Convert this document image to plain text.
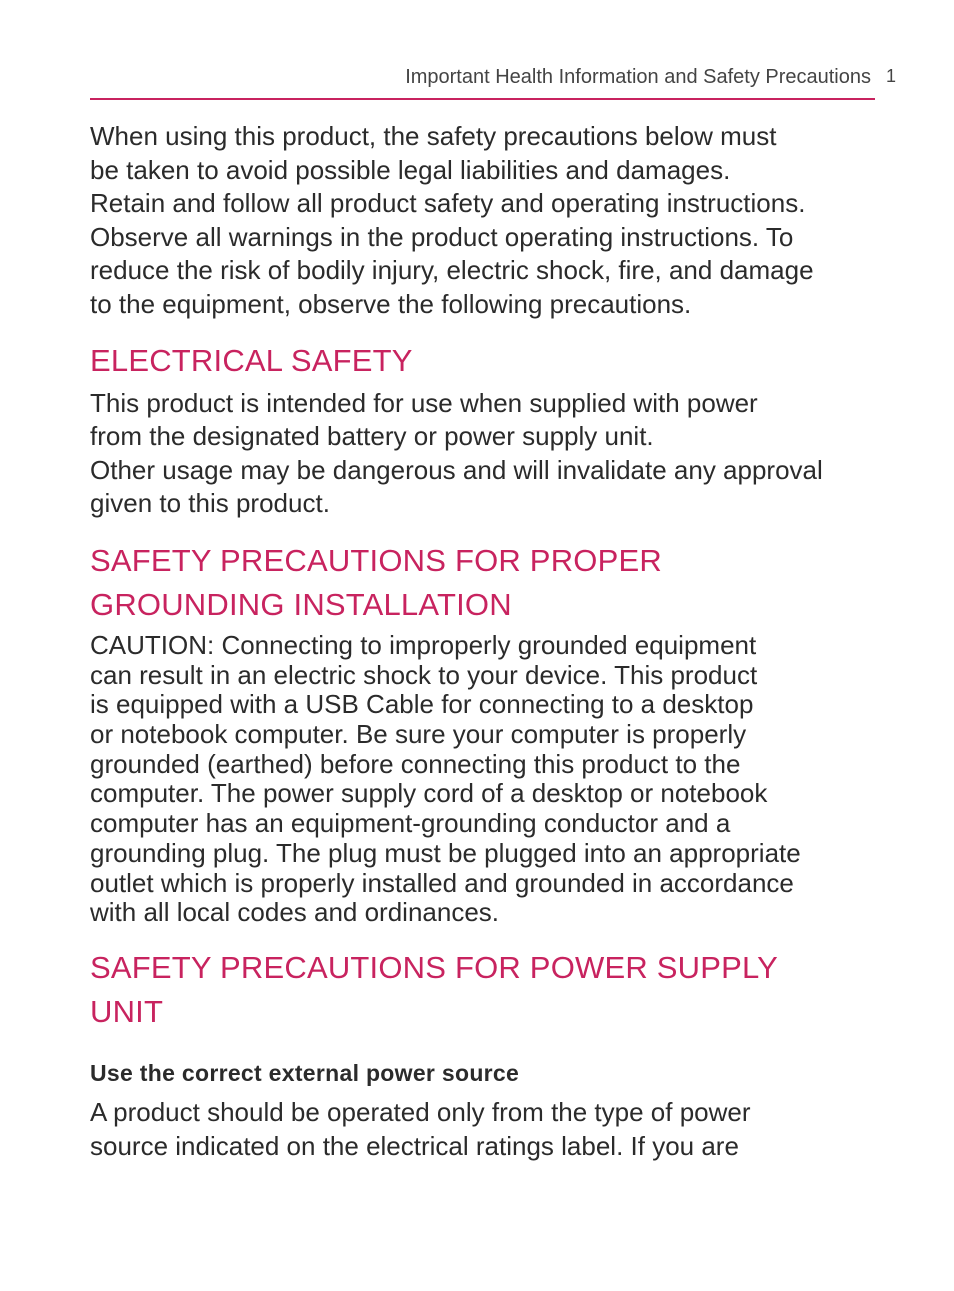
Important Health Information and Safety Precautions 1

When using this product, the safety precautions below must
be taken to avoid possible legal liabilities and damages.
Retain and follow all product safety and operating instructions.
Observe all warnings in the product operating instructions. To
reduce the risk of bodily injury, electric shock, fire, and damage
to the equipment, observe the following precautions.

ELECTRICAL SAFETY

This product is intended for use when supplied with power
from the designated battery or power supply unit.
Other usage may be dangerous and will invalidate any approval
given to this product.

SAFETY PRECAUTIONS FOR PROPER
GROUNDING INSTALLATION

CAUTION: Connecting to improperly grounded equipment
can result in an electric shock to your device. This product
is equipped with a USB Cable for connecting to a desktop
or notebook computer. Be sure your computer is properly
grounded (earthed) before connecting this product to the
computer. The power supply cord of a desktop or notebook
computer has an equipment-grounding conductor and a
grounding plug. The plug must be plugged into an appropriate
outlet which is properly installed and grounded in accordance
with all local codes and ordinances.

SAFETY PRECAUTIONS FOR POWER SUPPLY
UNIT
Use the correct external power source

A product should be operated only from the type of power
source indicated on the electrical ratings label. If you are
